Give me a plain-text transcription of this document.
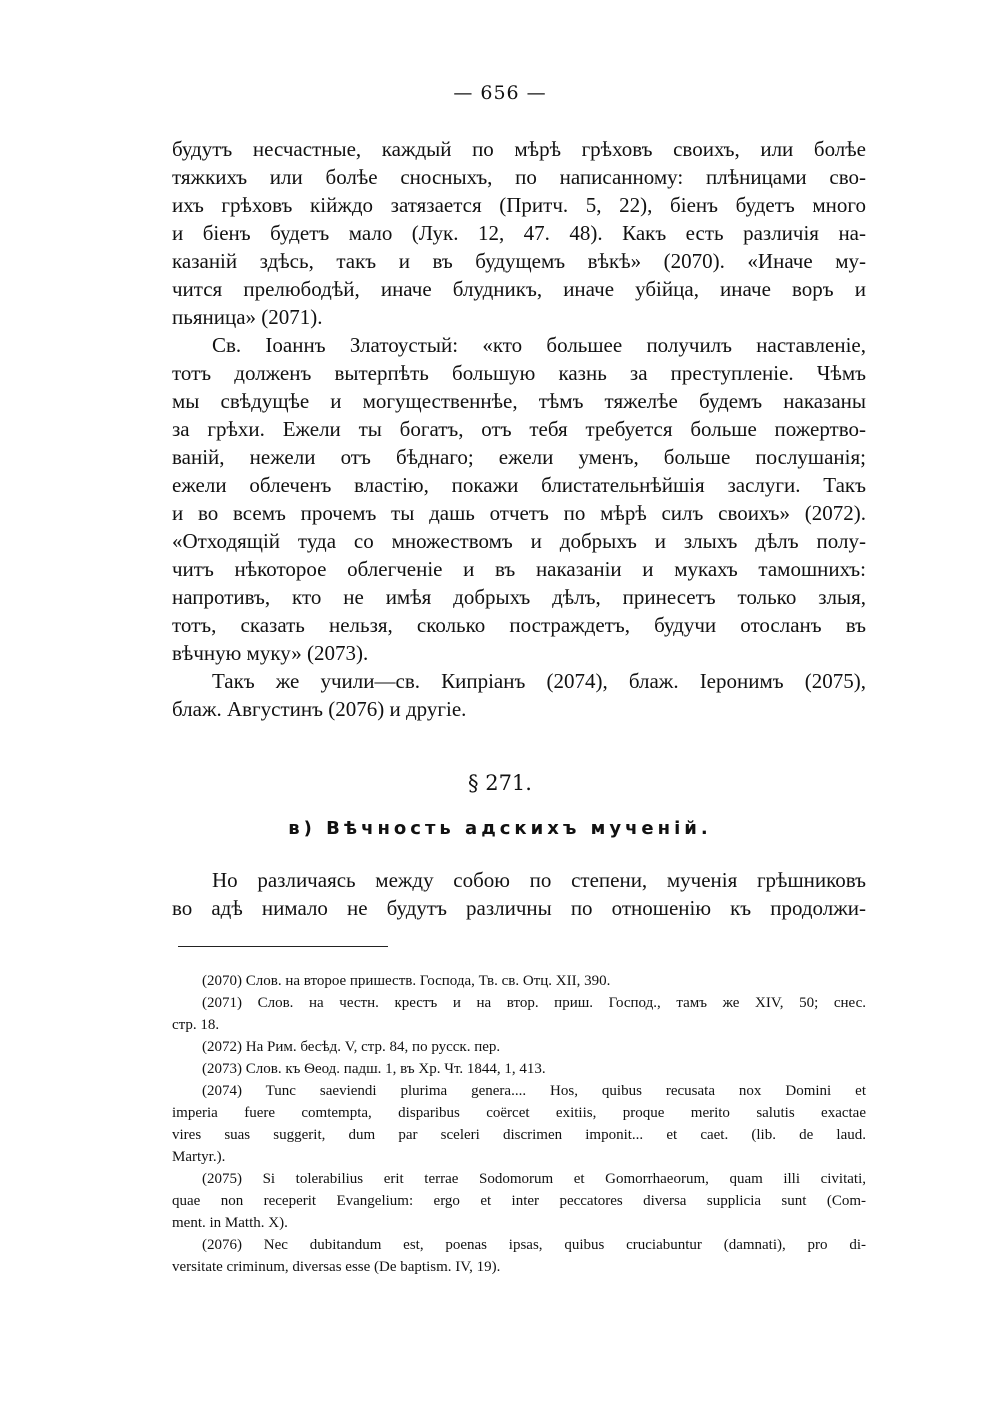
— 656 —
будутъ несчастные, каждый по мѣрѣ грѣховъ своихъ, или болѣе
тяжкихъ или болѣе сносныхъ, по написанному: плѣницами сво-
ихъ грѣховъ кійждо затязается (Притч. 5, 22), біенъ будетъ много
и біенъ будетъ мало (Лук. 12, 47. 48). Какъ есть различія на-
казаній здѣсь, такъ и въ будущемъ вѣкѣ» (2070). «Иначе му-
чится прелюбодѣй, иначе блудникъ, иначе убійца, иначе воръ и
пьяница» (2071).
Св. Іоаннъ Златоустый: «кто большее получилъ наставленіе,
тотъ долженъ вытерпѣть большую казнь за преступленіе. Чѣмъ
мы свѣдущѣе и могущественнѣе, тѣмъ тяжелѣе будемъ наказаны
за грѣхи. Ежели ты богатъ, отъ тебя требуется больше пожертво-
ваній, нежели отъ бѣднаго; ежели уменъ, больше послушанія;
ежели облеченъ властію, покажи блистательнѣйшія заслуги. Такъ
и во всемъ прочемъ ты дашь отчетъ по мѣрѣ силъ своихъ» (2072).
«Отходящій туда со множествомъ и добрыхъ и злыхъ дѣлъ полу-
читъ нѣкоторое облегченіе и въ наказаніи и мукахъ тамошнихъ:
напротивъ, кто не имѣя добрыхъ дѣлъ, принесетъ только злыя,
тотъ, сказать нельзя, сколько постраждетъ, будучи отосланъ въ
вѣчную муку» (2073).
Такъ же учили—св. Кипріанъ (2074), блаж. Іеронимъ (2075),
блаж. Августинъ (2076) и другіе.
§ 271.
в) Вѣчность адскихъ мученій.
Но различаясь между собою по степени, мученія грѣшниковъ
во адѣ нимало не будутъ различны по отношенію къ продолжи-
(2070) Слов. на второе пришеств. Господа, Тв. св. Отц. XII, 390.
(2071) Слов. на честн. крестъ и на втор. приш. Господ., тамъ же XIV, 50; снес.
стр. 18.
(2072) На Рим. бесѣд. V, стр. 84, по русск. пер.
(2073) Слов. къ Ѳеод. падш. 1, въ Хр. Чт. 1844, 1, 413.
(2074) Tunc saeviendi plurima genera.... Hos, quibus recusata nox Domini et
imperia fuere comtempta, disparibus coërcet exitiis, proque merito salutis exactae
vires suas suggerit, dum par sceleri discrimen imponit... et caet. (lib. de laud.
Martyr.).
(2075) Si tolerabilius erit terrae Sodomorum et Gomorrhaeorum, quam illi civitati,
quae non receperit Evangelium: ergo et inter peccatores diversa supplicia sunt (Com-
ment. in Matth. X).
(2076) Nec dubitandum est, poenas ipsas, quibus cruciabuntur (damnati), pro di-
versitate criminum, diversas esse (De baptism. IV, 19).
